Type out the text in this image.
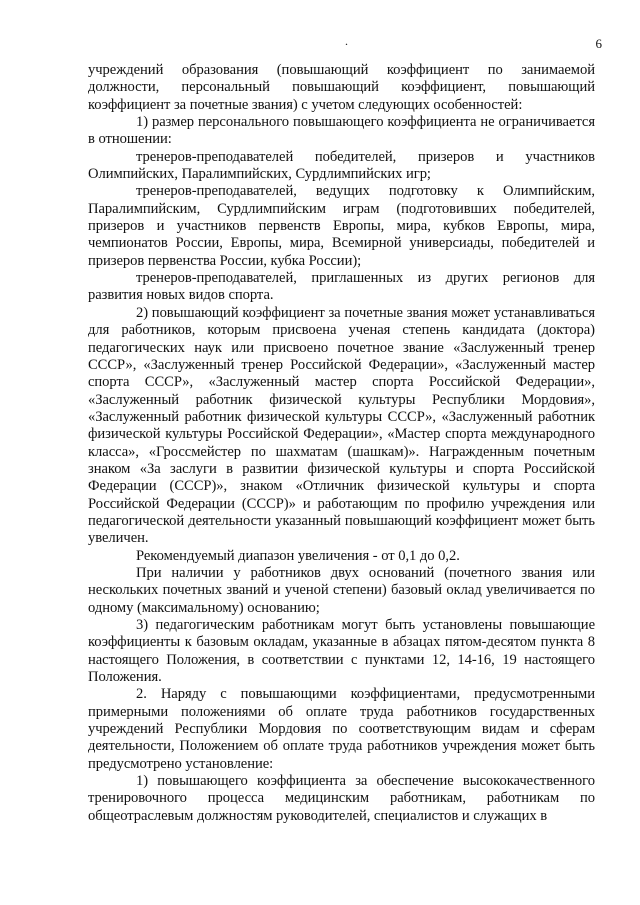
.	6

учреждений образования (повышающий коэффициент по занимаемой должности, персональный повышающий коэффициент, повышающий коэффициент за почетные звания) с учетом следующих особенностей:

1) размер персонального повышающего коэффициента не ограничивается в отношении:

тренеров-преподавателей победителей, призеров и участников Олимпийских, Паралимпийских, Сурдлимпийских игр;

тренеров-преподавателей, ведущих подготовку к Олимпийским, Паралимпийским, Сурдлимпийским играм (подготовивших победителей, призеров и участников первенств Европы, мира, кубков Европы, мира, чемпионатов России, Европы, мира, Всемирной универсиады, победителей и призеров первенства России, кубка России);

тренеров-преподавателей, приглашенных из других регионов для развития новых видов спорта.

2) повышающий коэффициент за почетные звания может устанавливаться для работников, которым присвоена ученая степень кандидата (доктора) педагогических наук или присвоено почетное звание «Заслуженный тренер СССР», «Заслуженный тренер Российской Федерации», «Заслуженный мастер спорта СССР», «Заслуженный мастер спорта Российской Федерации», «Заслуженный работник физической культуры Республики Мордовия», «Заслуженный работник физической культуры СССР», «Заслуженный работник физической культуры Российской Федерации», «Мастер спорта международного класса», «Гроссмейстер по шахматам (шашкам)». Награжденным почетным знаком «За заслуги в развитии физической культуры и спорта Российской Федерации (СССР)», знаком «Отличник физической культуры и спорта Российской Федерации (СССР)» и работающим по профилю учреждения или педагогической деятельности указанный повышающий коэффициент может быть увеличен.

Рекомендуемый диапазон увеличения - от 0,1 до 0,2.

При наличии у работников двух оснований (почетного звания или нескольких почетных званий и ученой степени) базовый оклад увеличивается по одному (максимальному) основанию;

3) педагогическим работникам могут быть установлены повышающие коэффициенты к базовым окладам, указанные в абзацах пятом-десятом пункта 8 настоящего Положения, в соответствии с пунктами 12, 14-16, 19 настоящего Положения.

2. Наряду с повышающими коэффициентами, предусмотренными примерными положениями об оплате труда работников государственных учреждений Республики Мордовия по соответствующим видам и сферам деятельности, Положением об оплате труда работников учреждения может быть предусмотрено установление:

1) повышающего коэффициента за обеспечение высококачественного тренировочного процесса медицинским работникам, работникам по общеотраслевым должностям руководителей, специалистов и служащих в
